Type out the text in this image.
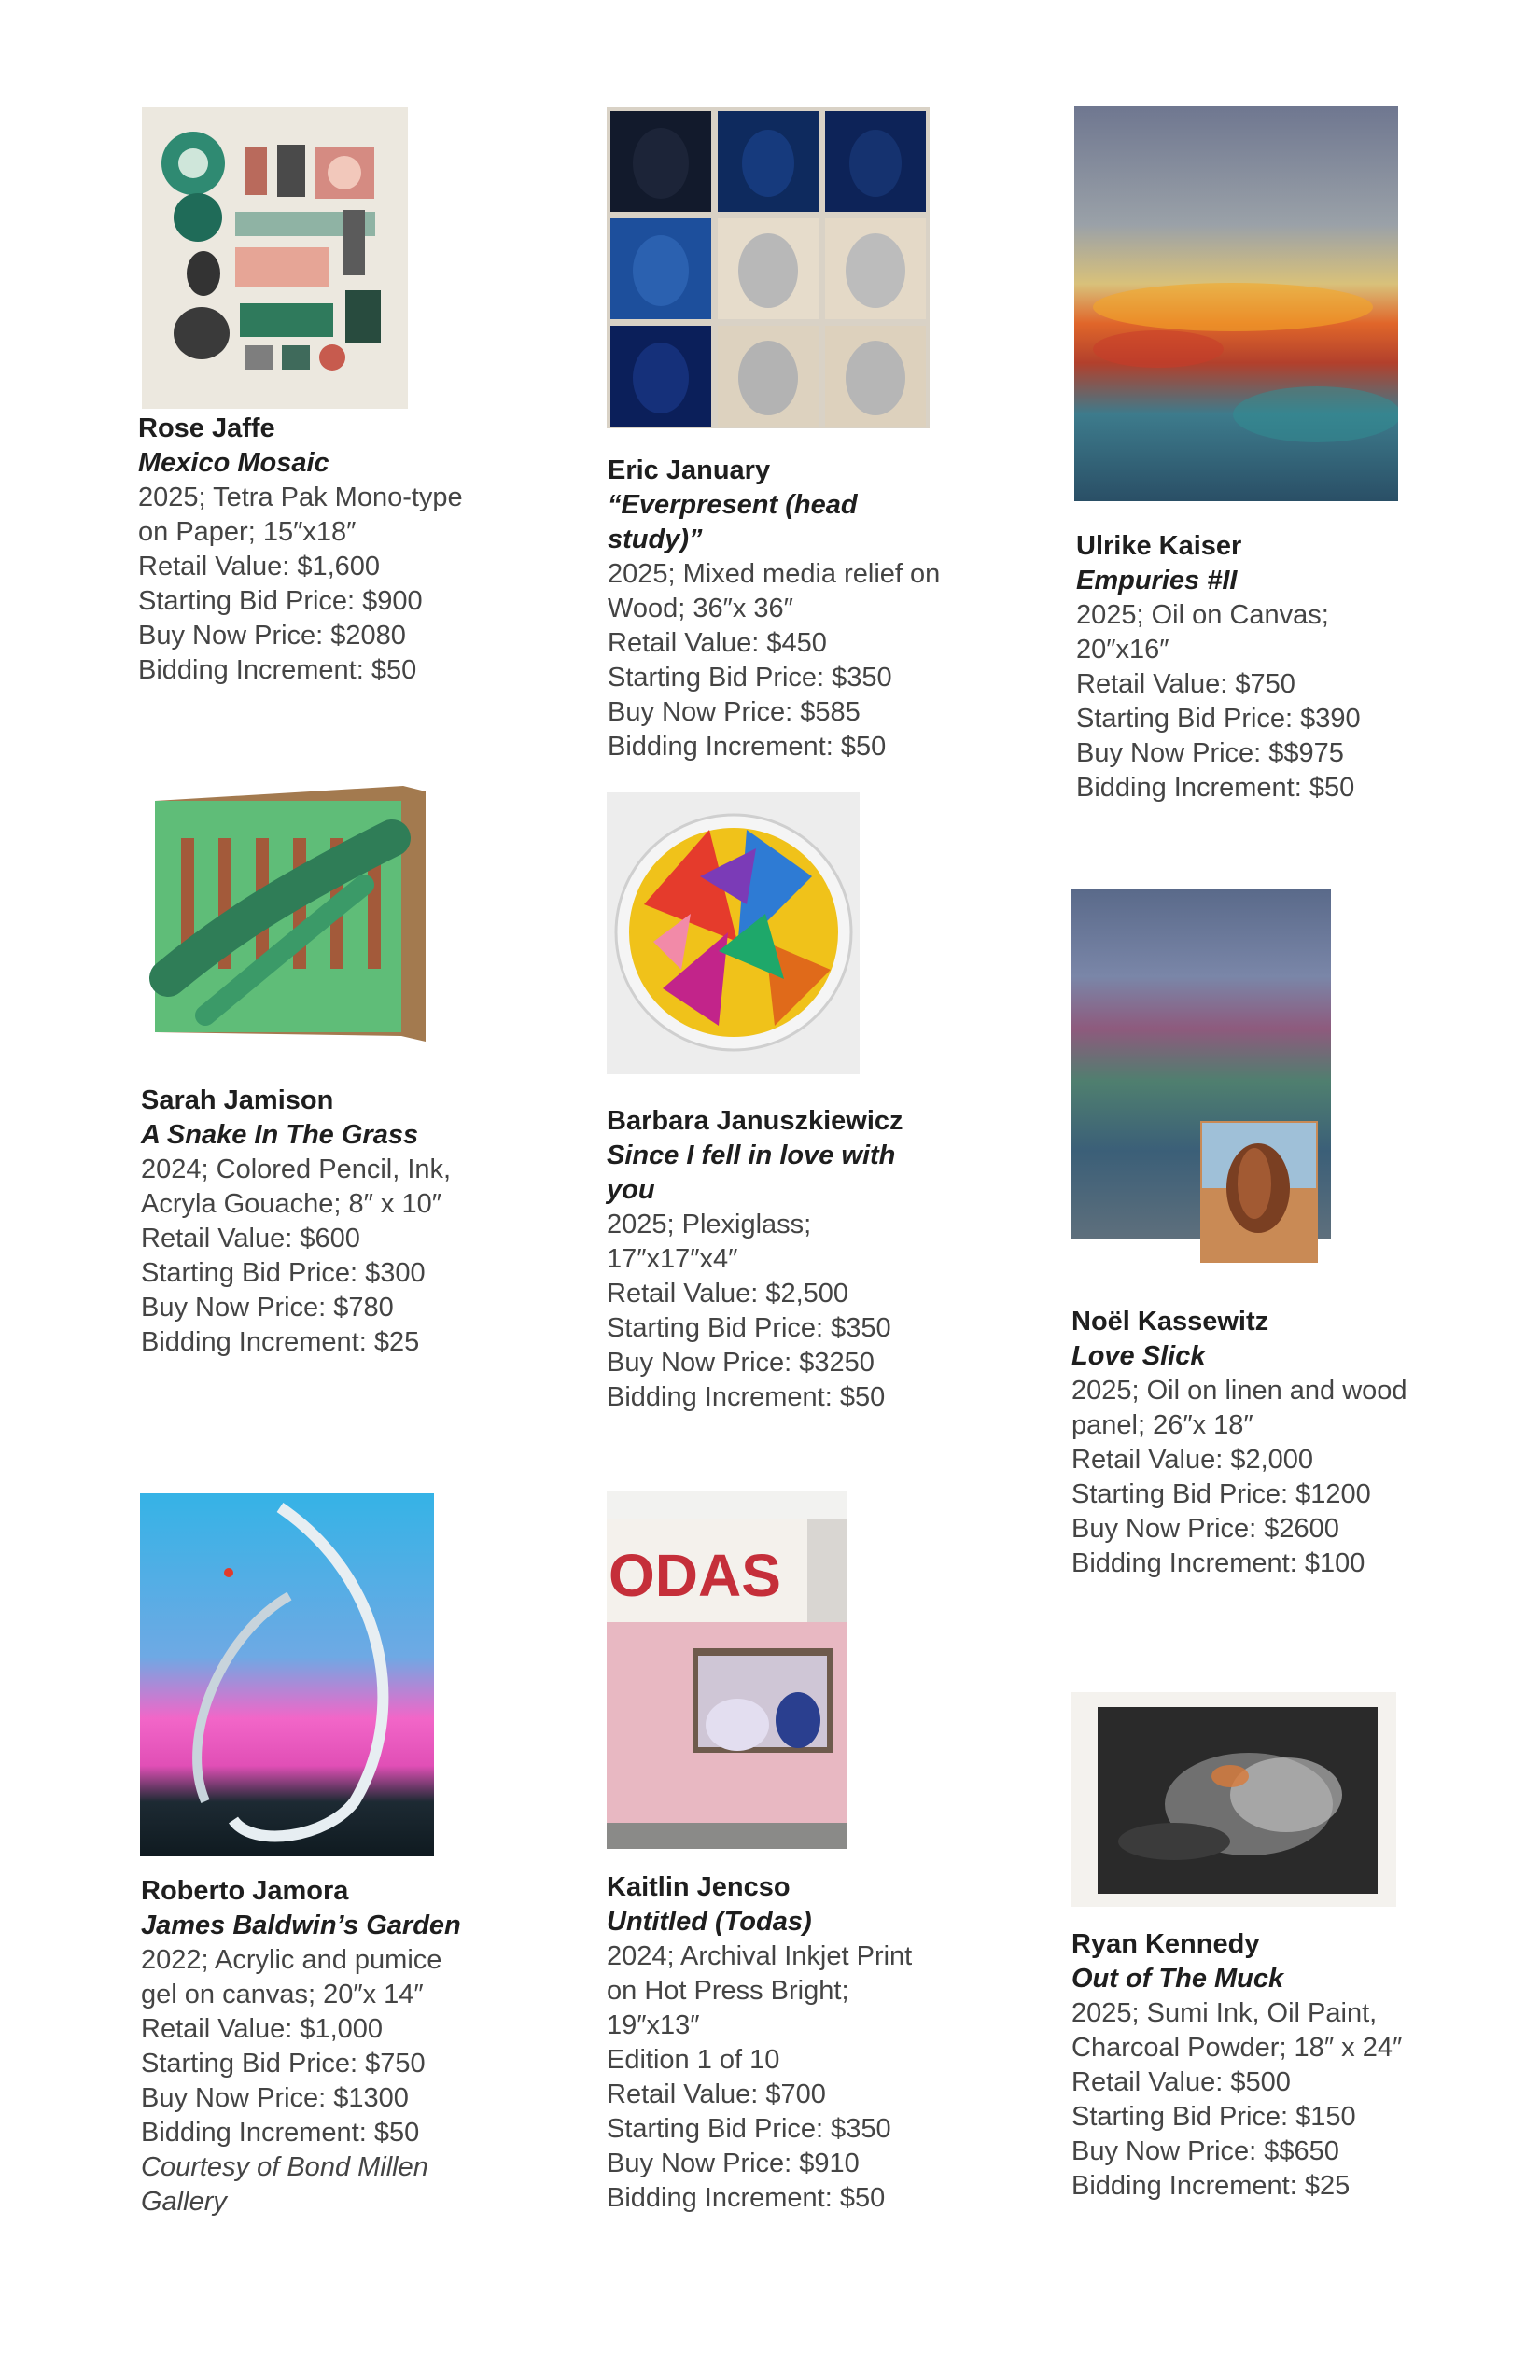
Rose Jaffe
Mexico Mosaic
2025; Tetra Pak Mono-type on Paper; 15″x18″
Retail Value: $1,600
Starting Bid Price: $900
Buy Now Price: $2080
Bidding Increment: $50
Eric January
“Everpresent (head study)”
2025; Mixed media relief on Wood; 36″x 36″
Retail Value: $450
Starting Bid Price: $350
Buy Now Price: $585
Bidding Increment: $50
Ulrike Kaiser
Empuries #II
2025; Oil on Canvas; 20″x16″
Retail Value: $750
Starting Bid Price: $390
Buy Now Price: $$975
Bidding Increment: $50
Sarah Jamison
A Snake In The Grass
2024; Colored Pencil, Ink, Acryla Gouache; 8″ x 10″
Retail Value: $600
Starting Bid Price: $300
Buy Now Price: $780
Bidding Increment: $25
Barbara Januszkiewicz
Since I fell in love with you
2025; Plexiglass; 17″x17″x4″
Retail Value: $2,500
Starting Bid Price: $350
Buy Now Price: $3250
Bidding Increment: $50
Noël Kassewitz
Love Slick
2025; Oil on linen and wood panel; 26″x 18″
Retail Value: $2,000
Starting Bid Price: $1200
Buy Now Price: $2600
Bidding Increment: $100
Roberto Jamora
James Baldwin’s Garden
2022; Acrylic and pumice gel on canvas; 20″x 14″
Retail Value: $1,000
Starting Bid Price: $750
Buy Now Price: $1300
Bidding Increment: $50
Courtesy of Bond Millen Gallery
ODAS
Kaitlin Jencso
Untitled (Todas)
2024; Archival Inkjet Print on Hot Press Bright; 19″x13″
Edition 1 of 10
Retail Value: $700
Starting Bid Price: $350
Buy Now Price: $910
Bidding Increment: $50
Ryan Kennedy
Out of The Muck
2025; Sumi Ink, Oil Paint, Charcoal Powder; 18″ x 24″
Retail Value: $500
Starting Bid Price: $150
Buy Now Price: $$650
Bidding Increment: $25
